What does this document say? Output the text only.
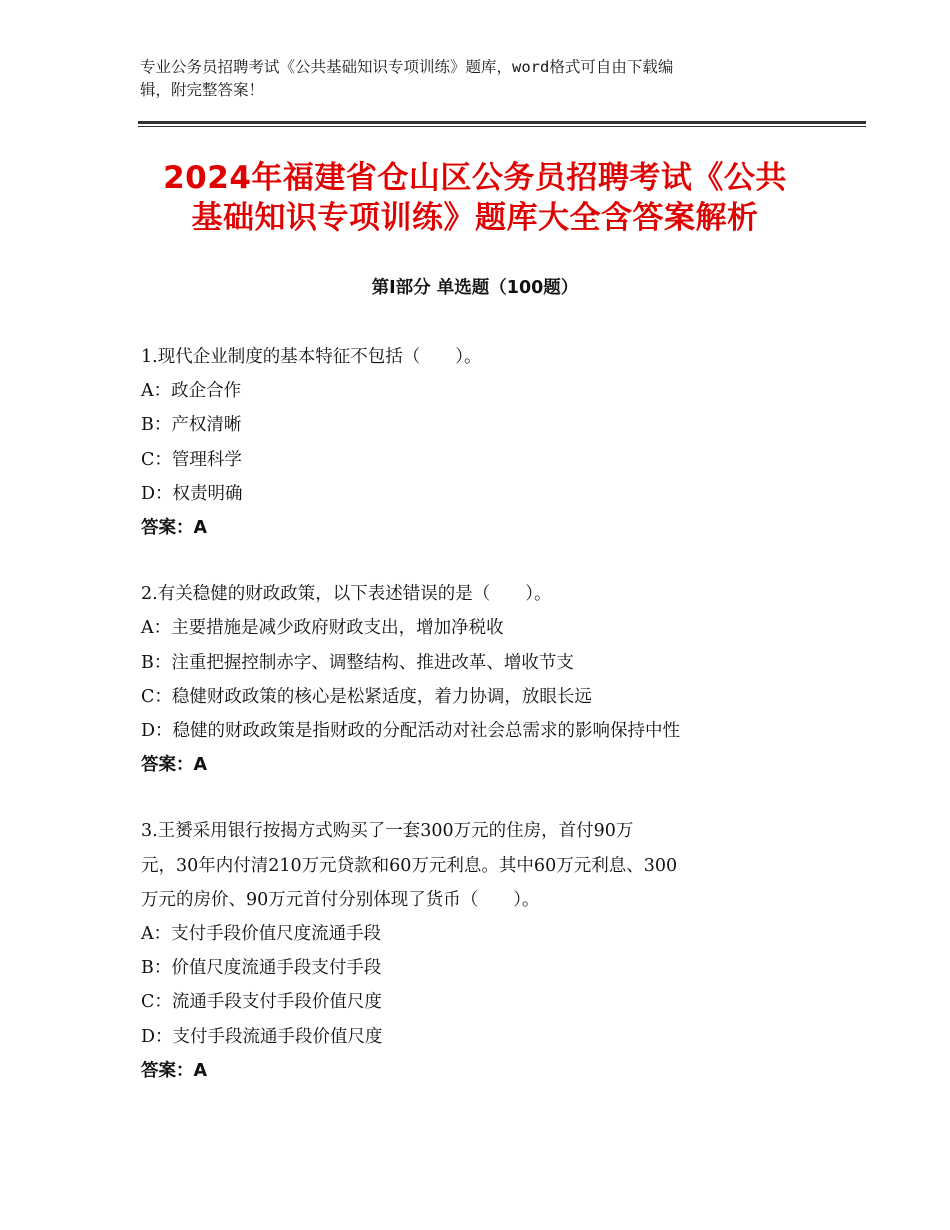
专业公务员招聘考试《公共基础知识专项训练》题库，word格式可自由下载编
辑，附完整答案！
2024年福建省仓山区公务员招聘考试《公共
基础知识专项训练》题库大全含答案解析
第Ⅰ部分 单选题（100题）
1.现代企业制度的基本特征不包括（　　）。
A：政企合作
B：产权清晰
C：管理科学
D：权责明确
答案：A
2.有关稳健的财政政策，以下表述错误的是（　　）。
A：主要措施是减少政府财政支出，增加净税收
B：注重把握控制赤字、调整结构、推进改革、增收节支
C：稳健财政政策的核心是松紧适度，着力协调，放眼长远
D：稳健的财政政策是指财政的分配活动对社会总需求的影响保持中性
答案：A
3.王赟采用银行按揭方式购买了一套300万元的住房，首付90万
元，30年内付清210万元贷款和60万元利息。其中60万元利息、300
万元的房价、90万元首付分别体现了货币（　　）。
A：支付手段价值尺度流通手段
B：价值尺度流通手段支付手段
C：流通手段支付手段价值尺度
D：支付手段流通手段价值尺度
答案：A
